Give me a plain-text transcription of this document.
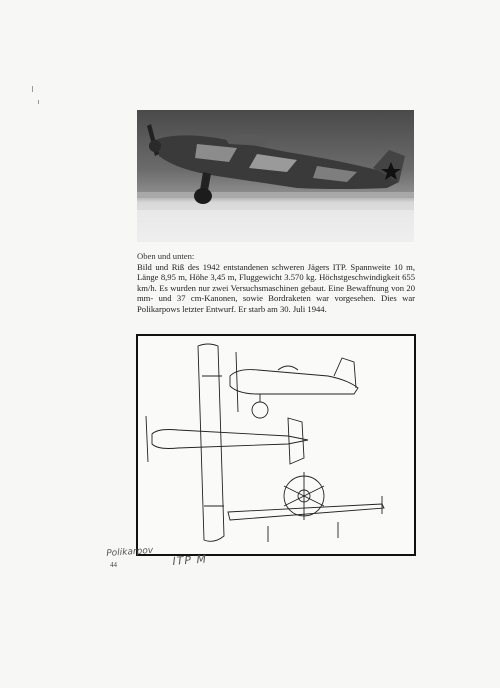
Oben und unten:
Bild und Riß des 1942 entstandenen schweren Jägers ITP. Spannweite 10 m, Länge 8,95 m, Höhe 3,45 m, Fluggewicht 3.570 kg. Höchstgeschwindigkeit 655 km/h. Es wurden nur zwei Versuchsmaschinen gebaut. Eine Bewaffnung von 20 mm- und 37 cm-Kanonen, sowie Bordraketen war vorgesehen. Dies war Polikarpows letzter Entwurf. Er starb am 30. Juli 1944.
Polikarpov
ITP M
44
